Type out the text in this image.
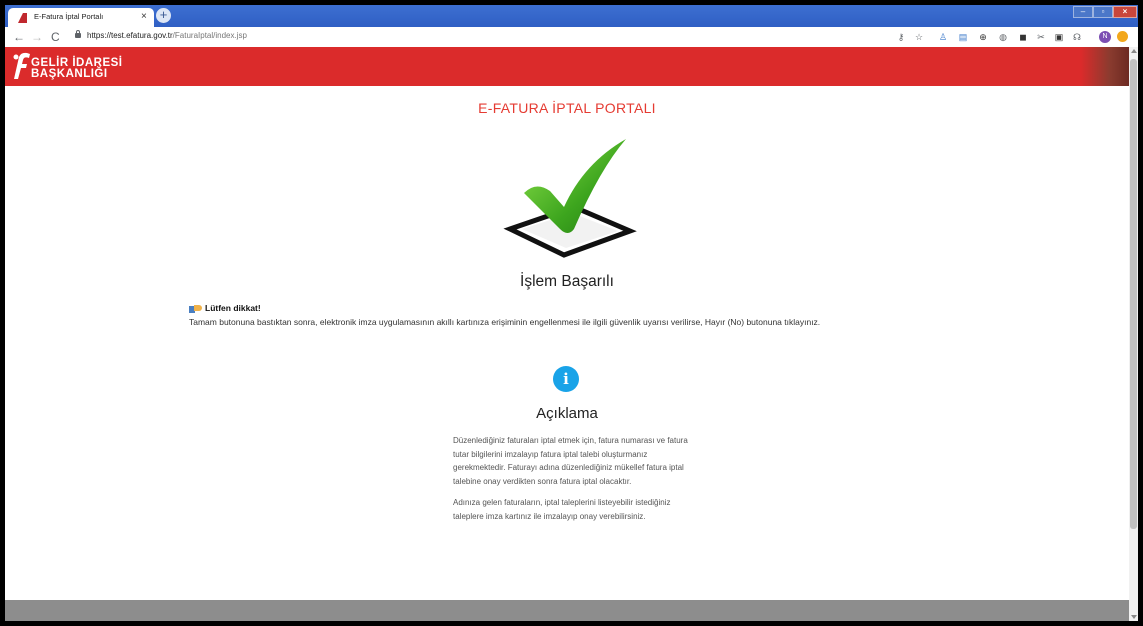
E-Fatura İptal Portalı	× +	–	▫	×
← → C	https://test.efatura.gov.tr/FaturaIptal/index.jsp	⚷	☆ ♙ ▤ ⊕ ◍ ◼ ✂ ▣ ☊	N
GELİR İDARESİ
BAŞKANLIĞI
E-FATURA İPTAL PORTALI
İşlem Başarılı
Lütfen dikkat!
Tamam butonuna bastıktan sonra, elektronik imza uygulamasının akıllı kartınıza erişiminin engellenmesi ile ilgili güvenlik uyarısı verilirse, Hayır (No) butonuna tıklayınız.
i
Açıklama

Düzenlediğiniz faturaları iptal etmek için, fatura numarası ve fatura tutar bilgilerini imzalayıp fatura iptal talebi oluşturmanız gerekmektedir. Faturayı adına düzenlediğiniz mükellef fatura iptal talebine onay verdikten sonra fatura iptal olacaktır.

Adınıza gelen faturaların, iptal taleplerini listeyebilir istediğiniz taleplere imza kartınız ile imzalayıp onay verebilirsiniz.
